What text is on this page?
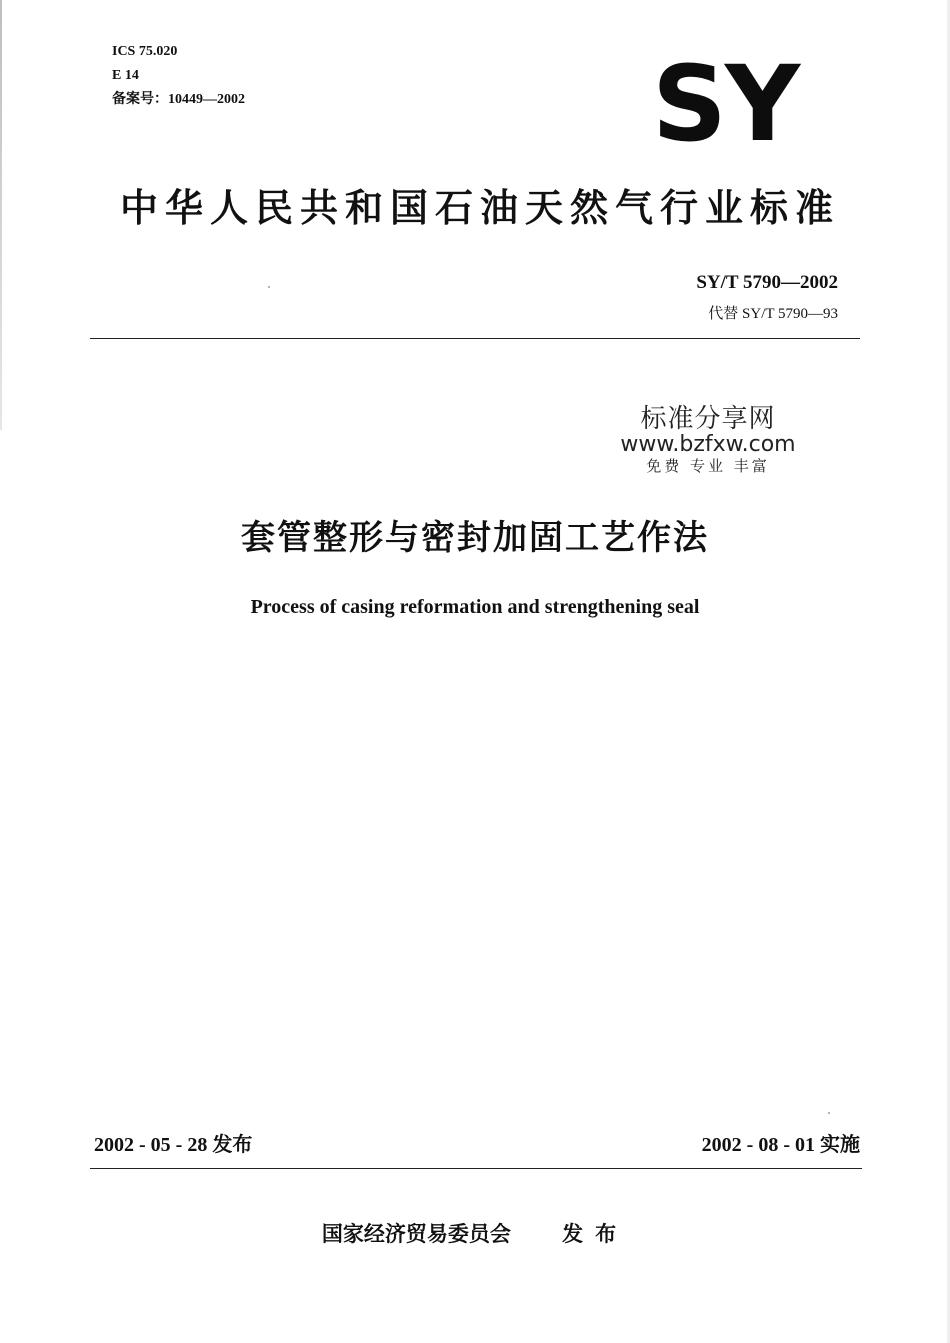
ICS 75.020
E 14
备案号：10449—2002	SY
中华人民共和国石油天然气行业标准
SY/T 5790—2002
代替 SY/T 5790—93
标准分享网
www.bzfxw.com
免费 专业 丰富
套管整形与密封加固工艺作法
Process of casing reformation and strengthening seal
2002 - 05 - 28 发布	2002 - 08 - 01 实施
国家经济贸易委员会 发布
